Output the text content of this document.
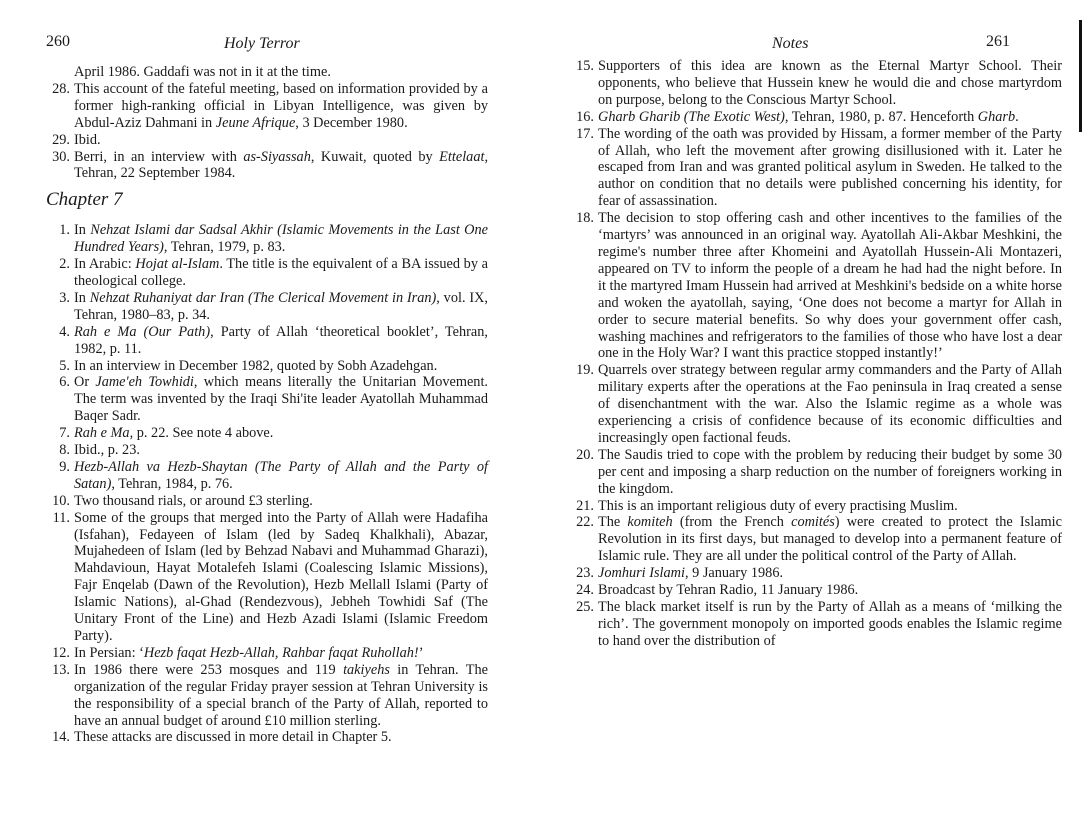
260	Holy Terror

April 1986. Gaddafi was not in it at the time.

28. This account of the fateful meeting, based on information provided by a former high-ranking official in Libyan Intelligence, was given by Abdul-Aziz Dahmani in Jeune Afrique, 3 December 1980.

29. Ibid.

30. Berri, in an interview with as-Siyassah, Kuwait, quoted by Ettelaat, Tehran, 22 September 1984.

Chapter 7

1. In Nehzat Islami dar Sadsal Akhir (Islamic Movements in the Last One Hundred Years), Tehran, 1979, p. 83.

2. In Arabic: Hojat al-Islam. The title is the equivalent of a BA issued by a theological college.

3. In Nehzat Ruhaniyat dar Iran (The Clerical Movement in Iran), vol. IX, Tehran, 1980–83, p. 34.

4. Rah e Ma (Our Path), Party of Allah ‘theoretical booklet’, Tehran, 1982, p. 11.

5. In an interview in December 1982, quoted by Sobh Azadehgan.

6. Or Jame'eh Towhidi, which means literally the Unitarian Movement. The term was invented by the Iraqi Shi'ite leader Ayatollah Muhammad Baqer Sadr.

7. Rah e Ma, p. 22. See note 4 above.

8. Ibid., p. 23.

9. Hezb-Allah va Hezb-Shaytan (The Party of Allah and the Party of Satan), Tehran, 1984, p. 76.

10. Two thousand rials, or around £3 sterling.

11. Some of the groups that merged into the Party of Allah were Hadafiha (Isfahan), Fedayeen of Islam (led by Sadeq Khalkhali), Abazar, Mujahedeen of Islam (led by Behzad Nabavi and Muhammad Gharazi), Mahdavioun, Hayat Motalefeh Islami (Coalescing Islamic Missions), Fajr Enqelab (Dawn of the Revolution), Hezb Mellall Islami (Party of Islamic Nations), al-Ghad (Rendezvous), Jebheh Towhidi Saf (The Unitary Front of the Line) and Hezb Azadi Islami (Islamic Freedom Party).

12. In Persian: ‘Hezb faqat Hezb-Allah, Rahbar faqat Ruhollah!’

13. In 1986 there were 253 mosques and 119 takiyehs in Tehran. The organization of the regular Friday prayer session at Tehran University is the responsibility of a special branch of the Party of Allah, reported to have an annual budget of around £10 million sterling.

14. These attacks are discussed in more detail in Chapter 5.

Notes	261

15. Supporters of this idea are known as the Eternal Martyr School. Their opponents, who believe that Hussein knew he would die and chose martyrdom on purpose, belong to the Conscious Martyr School.

16. Gharb Gharib (The Exotic West), Tehran, 1980, p. 87. Henceforth Gharb.

17. The wording of the oath was provided by Hissam, a former member of the Party of Allah, who left the movement after growing disillusioned with it. Later he escaped from Iran and was granted political asylum in Sweden. He talked to the author on condition that no details were published concerning his identity, for fear of assassination.

18. The decision to stop offering cash and other incentives to the families of the ‘martyrs’ was announced in an original way. Ayatollah Ali-Akbar Meshkini, the regime's number three after Khomeini and Ayatollah Hussein-Ali Montazeri, appeared on TV to inform the people of a dream he had had the night before. In it the martyred Imam Hussein had arrived at Meshkini's bedside on a white horse and woken the ayatollah, saying, ‘One does not become a martyr for Allah in order to secure material benefits. So why does your government offer cash, washing machines and refrigerators to the families of those who have lost a dear one in the Holy War? I want this practice stopped instantly!’

19. Quarrels over strategy between regular army commanders and the Party of Allah military experts after the operations at the Fao peninsula in Iraq created a sense of disenchantment with the war. Also the Islamic regime as a whole was experiencing a crisis of confidence because of its economic difficulties and increasingly open factional feuds.

20. The Saudis tried to cope with the problem by reducing their budget by some 30 per cent and imposing a sharp reduction on the number of foreigners working in the kingdom.

21. This is an important religious duty of every practising Muslim.

22. The komiteh (from the French comités) were created to protect the Islamic Revolution in its first days, but managed to develop into a permanent feature of Islamic rule. They are all under the political control of the Party of Allah.

23. Jomhuri Islami, 9 January 1986.

24. Broadcast by Tehran Radio, 11 January 1986.

25. The black market itself is run by the Party of Allah as a means of ‘milking the rich’. The government monopoly on imported goods enables the Islamic regime to hand over the distribution of
